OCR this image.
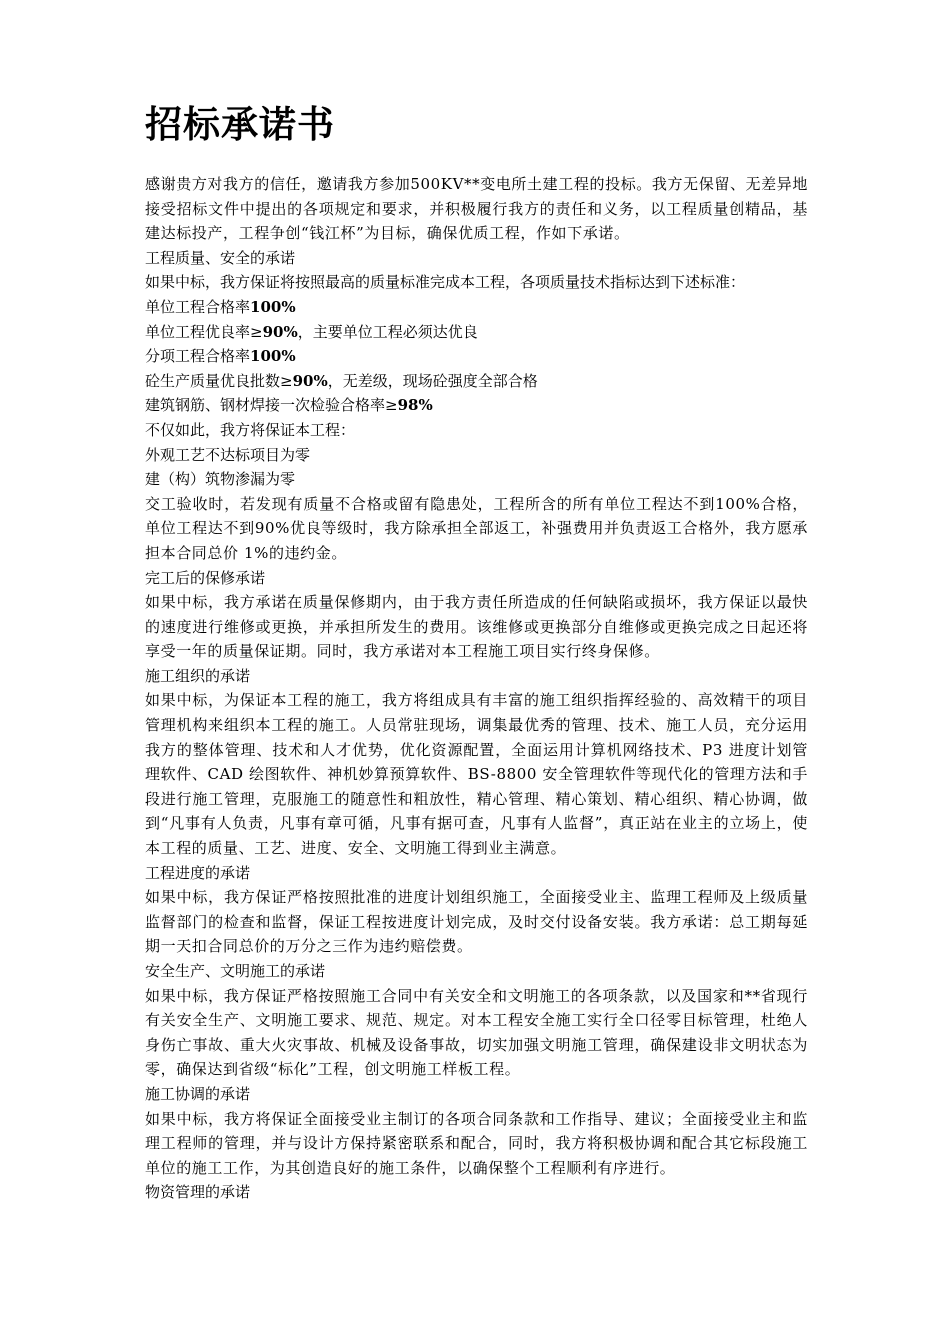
招标承诺书

感谢贵方对我方的信任，邀请我方参加500KV**变电所土建工程的投标。我方无保留、无差异地接受招标文件中提出的各项规定和要求，并积极履行我方的责任和义务，以工程质量创精品，基建达标投产，工程争创“钱江杯”为目标，确保优质工程，作如下承诺。

工程质量、安全的承诺

如果中标，我方保证将按照最高的质量标准完成本工程，各项质量技术指标达到下述标准：

单位工程合格率100%

单位工程优良率≥90%，主要单位工程必须达优良

分项工程合格率100%

砼生产质量优良批数≥90%，无差级，现场砼强度全部合格

建筑钢筋、钢材焊接一次检验合格率≥98%

不仅如此，我方将保证本工程：

外观工艺不达标项目为零

建（构）筑物渗漏为零

交工验收时，若发现有质量不合格或留有隐患处，工程所含的所有单位工程达不到100%合格，单位工程达不到90%优良等级时，我方除承担全部返工，补强费用并负责返工合格外，我方愿承担本合同总价 1%的违约金。

完工后的保修承诺

如果中标，我方承诺在质量保修期内，由于我方责任所造成的任何缺陷或损坏，我方保证以最快的速度进行维修或更换，并承担所发生的费用。该维修或更换部分自维修或更换完成之日起还将享受一年的质量保证期。同时，我方承诺对本工程施工项目实行终身保修。

施工组织的承诺

如果中标，为保证本工程的施工，我方将组成具有丰富的施工组织指挥经验的、高效精干的项目管理机构来组织本工程的施工。人员常驻现场，调集最优秀的管理、技术、施工人员，充分运用我方的整体管理、技术和人才优势，优化资源配置，全面运用计算机网络技术、P3 进度计划管理软件、CAD 绘图软件、神机妙算预算软件、BS-8800 安全管理软件等现代化的管理方法和手段进行施工管理，克服施工的随意性和粗放性，精心管理、精心策划、精心组织、精心协调，做到“凡事有人负责，凡事有章可循，凡事有据可查，凡事有人监督”，真正站在业主的立场上，使本工程的质量、工艺、进度、安全、文明施工得到业主满意。

工程进度的承诺

如果中标，我方保证严格按照批准的进度计划组织施工，全面接受业主、监理工程师及上级质量监督部门的检查和监督，保证工程按进度计划完成，及时交付设备安装。我方承诺：总工期每延期一天扣合同总价的万分之三作为违约赔偿费。

安全生产、文明施工的承诺

如果中标，我方保证严格按照施工合同中有关安全和文明施工的各项条款，以及国家和**省现行有关安全生产、文明施工要求、规范、规定。对本工程安全施工实行全口径零目标管理，杜绝人身伤亡事故、重大火灾事故、机械及设备事故，切实加强文明施工管理，确保建设非文明状态为零，确保达到省级“标化”工程，创文明施工样板工程。

施工协调的承诺

如果中标，我方将保证全面接受业主制订的各项合同条款和工作指导、建议；全面接受业主和监理工程师的管理，并与设计方保持紧密联系和配合，同时，我方将积极协调和配合其它标段施工单位的施工工作，为其创造良好的施工条件，以确保整个工程顺利有序进行。

物资管理的承诺
